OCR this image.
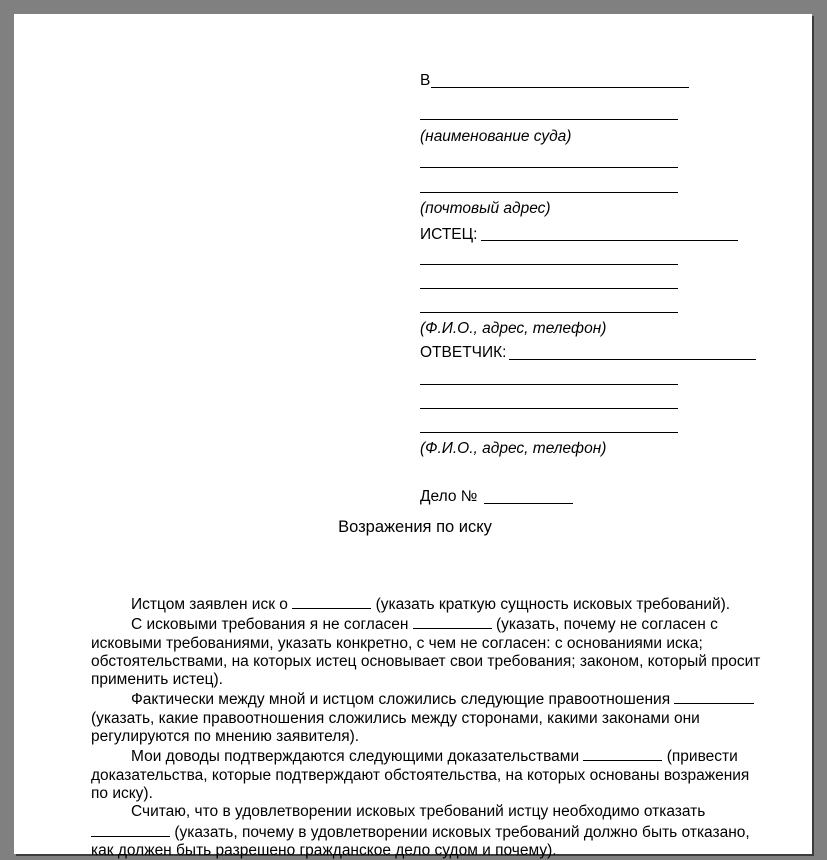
В
(наименование суда)
(почтовый адрес)
ИСТЕЦ:
(Ф.И.О., адрес, телефон)
ОТВЕТЧИК:
(Ф.И.О., адрес, телефон)
Дело №
Возражения по иску

Истцом заявлен иск о	(указать краткую сущность исковых требований).

С исковыми требования я не согласен	(указать, почему не согласен с исковыми требованиями, указать конкретно, с чем не согласен: с основаниями иска; обстоятельствами, на которых истец основывает свои требования; законом, который просит применить истец).

Фактически между мной и истцом сложились следующие правоотношения  (указать, какие правоотношения сложились между сторонами, какими законами они регулируются по мнению заявителя).

Мои доводы подтверждаются следующими доказательствами	(привести доказательства, которые подтверждают обстоятельства, на которых основаны возражения по иску).

Считаю, что в удовлетворении исковых требований истцу необходимо отказать  (указать, почему в удовлетворении исковых требований должно быть отказано, как должен быть разрешено гражданское дело судом и почему).
